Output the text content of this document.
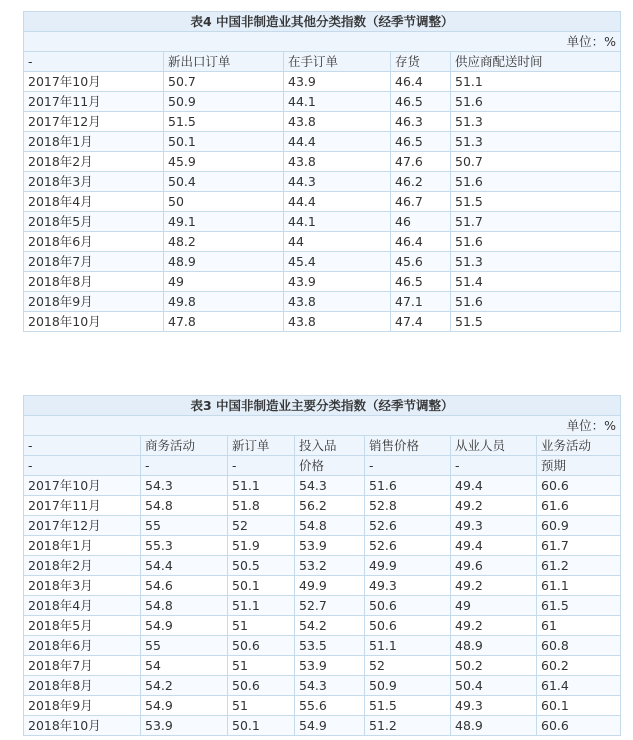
表4 中国非制造业其他分类指数（经季节调整）				
单位：%				
-	新出口订单	在手订单	存货	供应商配送时间
2017年10月	50.7	43.9	46.4	51.1
2017年11月	50.9	44.1	46.5	51.6
2017年12月	51.5	43.8	46.3	51.3
2018年1月	50.1	44.4	46.5	51.3
2018年2月	45.9	43.8	47.6	50.7
2018年3月	50.4	44.3	46.2	51.6
2018年4月	50	44.4	46.7	51.5
2018年5月	49.1	44.1	46	51.7
2018年6月	48.2	44	46.4	51.6
2018年7月	48.9	45.4	45.6	51.3
2018年8月	49	43.9	46.5	51.4
2018年9月	49.8	43.8	47.1	51.6
2018年10月	47.8	43.8	47.4	51.5
表3 中国非制造业主要分类指数（经季节调整）						
单位：%						
-	商务活动	新订单	投入品	销售价格	从业人员	业务活动
-	-	-	价格	-	-	预期
2017年10月	54.3	51.1	54.3	51.6	49.4	60.6
2017年11月	54.8	51.8	56.2	52.8	49.2	61.6
2017年12月	55	52	54.8	52.6	49.3	60.9
2018年1月	55.3	51.9	53.9	52.6	49.4	61.7
2018年2月	54.4	50.5	53.2	49.9	49.6	61.2
2018年3月	54.6	50.1	49.9	49.3	49.2	61.1
2018年4月	54.8	51.1	52.7	50.6	49	61.5
2018年5月	54.9	51	54.2	50.6	49.2	61
2018年6月	55	50.6	53.5	51.1	48.9	60.8
2018年7月	54	51	53.9	52	50.2	60.2
2018年8月	54.2	50.6	54.3	50.9	50.4	61.4
2018年9月	54.9	51	55.6	51.5	49.3	60.1
2018年10月	53.9	50.1	54.9	51.2	48.9	60.6
